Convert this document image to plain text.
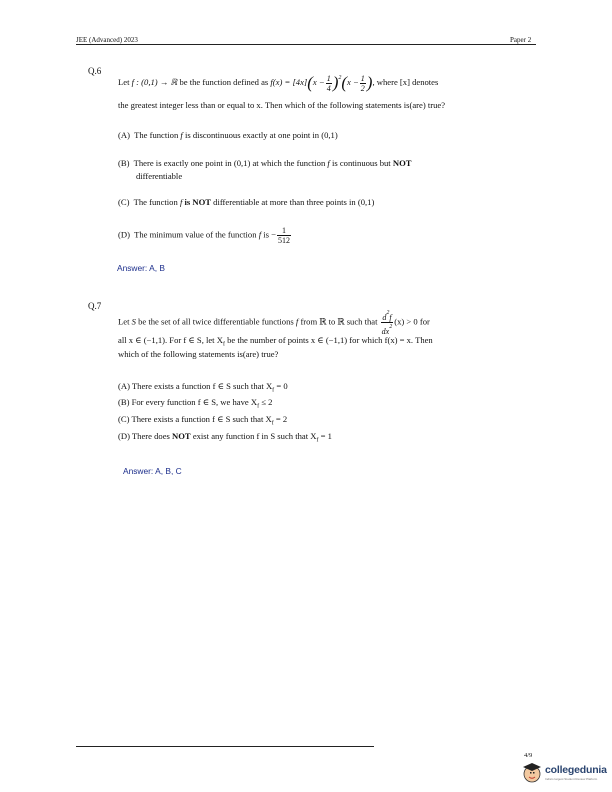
JEE (Advanced) 2023	Paper 2
Q.6
Let f : (0,1) → ℝ be the function defined as $f(x) = [4x](x - \frac{1}{4} )^2(x - \frac{1}{2}$ ), where [x] denotes
the greatest integer less than or equal to x. Then which of the following statements is(are) true?
(A) The function f is discontinuous exactly at one point in (0,1)
(B) There is exactly one point in (0,1) at which the function f is continuous but NOT
differentiable
(C) The function f is NOT differentiable at more than three points in (0,1)
(D) The minimum value of the function f is − $\frac{1}{512}$
Answer: A, B
Q.7
Let S be the set of all twice differentiable functions f from ℝ to ℝ such that $\frac{d^2f}{dx^2} (x) > 0$ for
all x ∈ (−1,1). For f ∈ S, let $X_f$ be the number of points x ∈ (−1,1) for which f(x) = x. Then
which of the following statements is(are) true?
(A) There exists a function f ∈ S such that $X_f = 0$
(B) For every function f ∈ S, we have $X_f \le 2$
(C) There exists a function f ∈ S such that $X_f = 2$
(D) There does NOT exist any function f in S such that $X_f = 1$
Answer: A, B, C
4/9
collegedunia
India's largest Student Review Platform
